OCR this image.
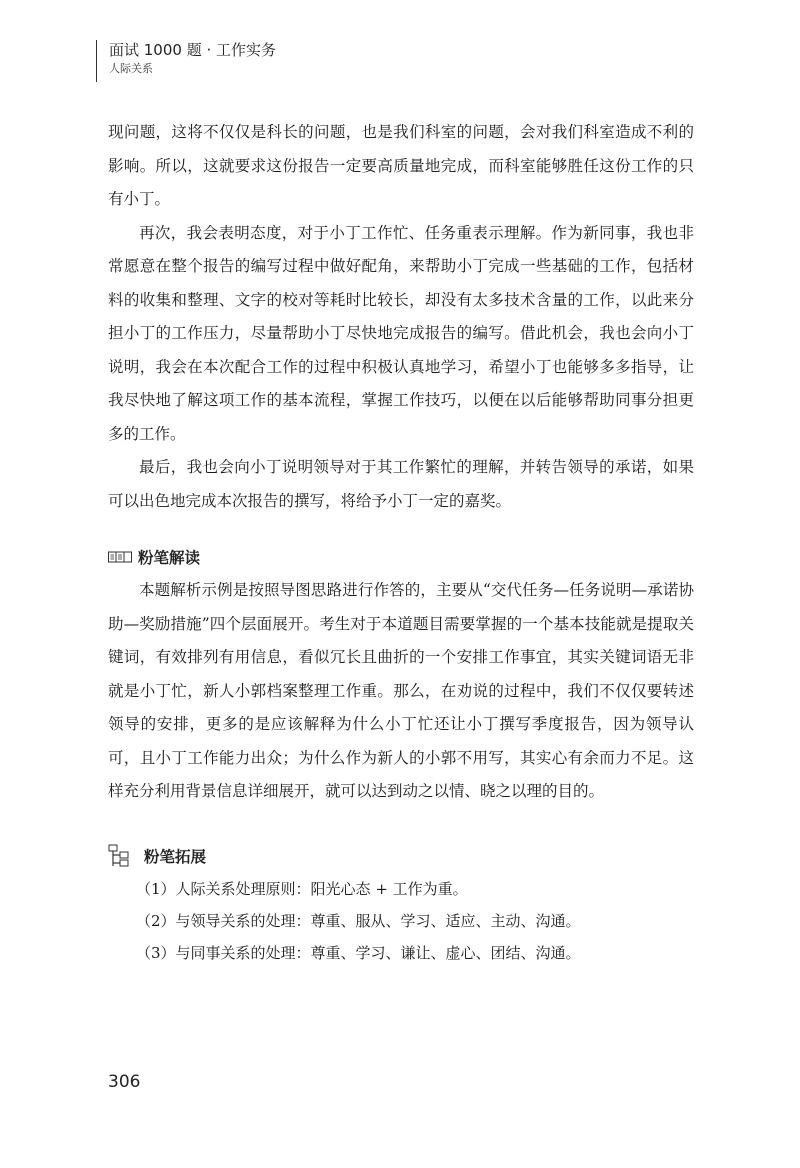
面试 1000 题 · 工作实务
人际关系

现问题，这将不仅仅是科长的问题，也是我们科室的问题，会对我们科室造成不利的影响。所以，这就要求这份报告一定要高质量地完成，而科室能够胜任这份工作的只有小丁。

再次，我会表明态度，对于小丁工作忙、任务重表示理解。作为新同事，我也非常愿意在整个报告的编写过程中做好配角，来帮助小丁完成一些基础的工作，包括材料的收集和整理、文字的校对等耗时比较长，却没有太多技术含量的工作，以此来分担小丁的工作压力，尽量帮助小丁尽快地完成报告的编写。借此机会，我也会向小丁说明，我会在本次配合工作的过程中积极认真地学习，希望小丁也能够多多指导，让我尽快地了解这项工作的基本流程，掌握工作技巧，以便在以后能够帮助同事分担更多的工作。

最后，我也会向小丁说明领导对于其工作繁忙的理解，并转告领导的承诺，如果可以出色地完成本次报告的撰写，将给予小丁一定的嘉奖。

粉笔解读

本题解析示例是按照导图思路进行作答的，主要从“交代任务—任务说明—承诺协助—奖励措施”四个层面展开。考生对于本道题目需要掌握的一个基本技能就是提取关键词，有效排列有用信息，看似冗长且曲折的一个安排工作事宜，其实关键词语无非就是小丁忙，新人小郭档案整理工作重。那么，在劝说的过程中，我们不仅仅要转述领导的安排，更多的是应该解释为什么小丁忙还让小丁撰写季度报告，因为领导认可，且小丁工作能力出众；为什么作为新人的小郭不用写，其实心有余而力不足。这样充分利用背景信息详细展开，就可以达到动之以情、晓之以理的目的。

粉笔拓展

（1）人际关系处理原则：阳光心态 + 工作为重。

（2）与领导关系的处理：尊重、服从、学习、适应、主动、沟通。

（3）与同事关系的处理：尊重、学习、谦让、虚心、团结、沟通。

306
